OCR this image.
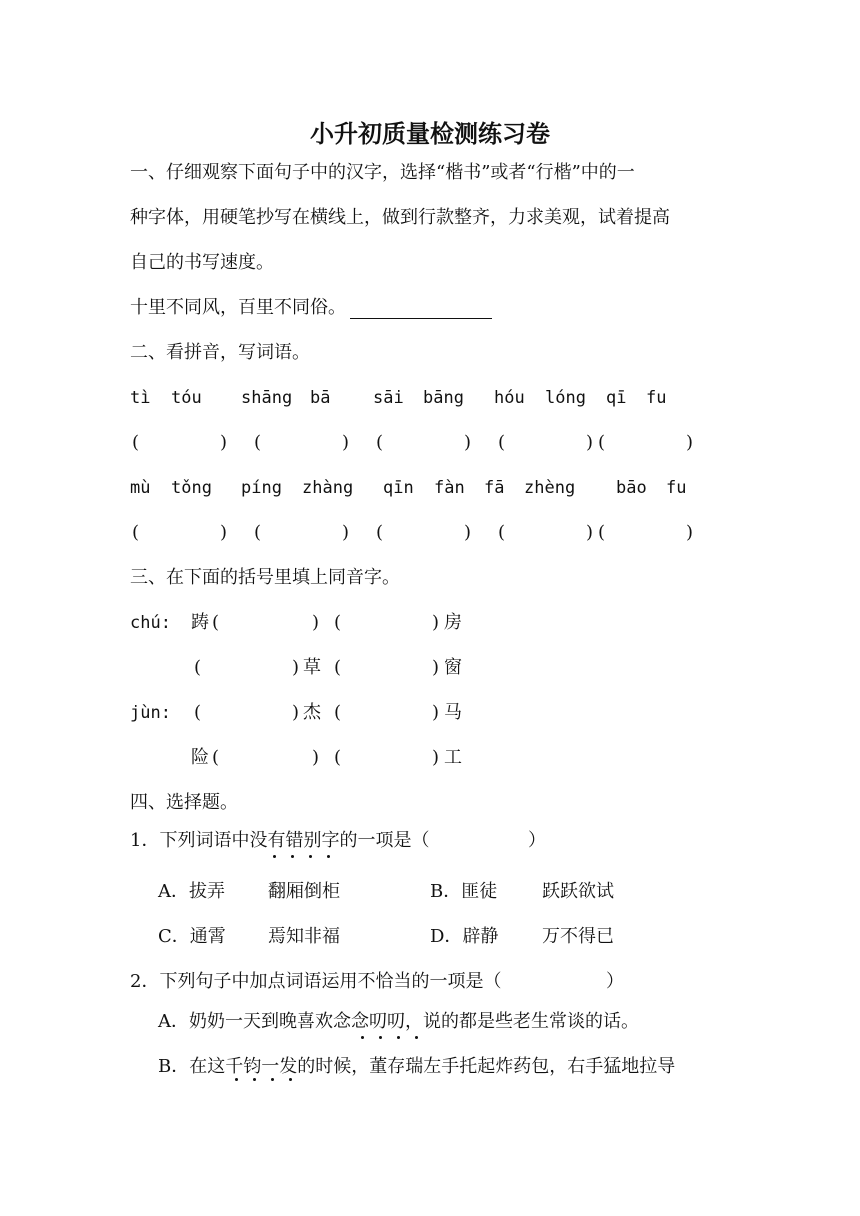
小升初质量检测练习卷
一、仔细观察下面句子中的汉字，选择“楷书”或者“行楷”中的一
种字体，用硬笔抄写在横线上，做到行款整齐，力求美观，试着提高
自己的书写速度。
十里不同风，百里不同俗。
二、看拼音，写词语。
tì tóu shāng bā	sāi bāng hóu lóng qī fu
(	) (	) (	) (	) (	)
mù tǒng píng zhàng qīn fàn fā zhèng bāo fu
(	) (	) (	) (	) (	)
三、在下面的括号里填上同音字。
chú: 踌 (	) (	) 房
(	) 草 (	) 窗
jùn: (	) 杰 (	) 马
险 (	) (	) 工
四、选择题。
1．下列词语中没有错别字的一项是（	）
A．拔弄 翻厢倒柜	B．匪徒 跃跃欲试
C．通霄 焉知非福	D．辟静 万不得已
2．下列句子中加点词语运用不恰当的一项是（	）
A．奶奶一天到晚喜欢念念叨叨，说的都是些老生常谈的话。
B．在这千钧一发的时候，董存瑞左手托起炸药包，右手猛地拉导
